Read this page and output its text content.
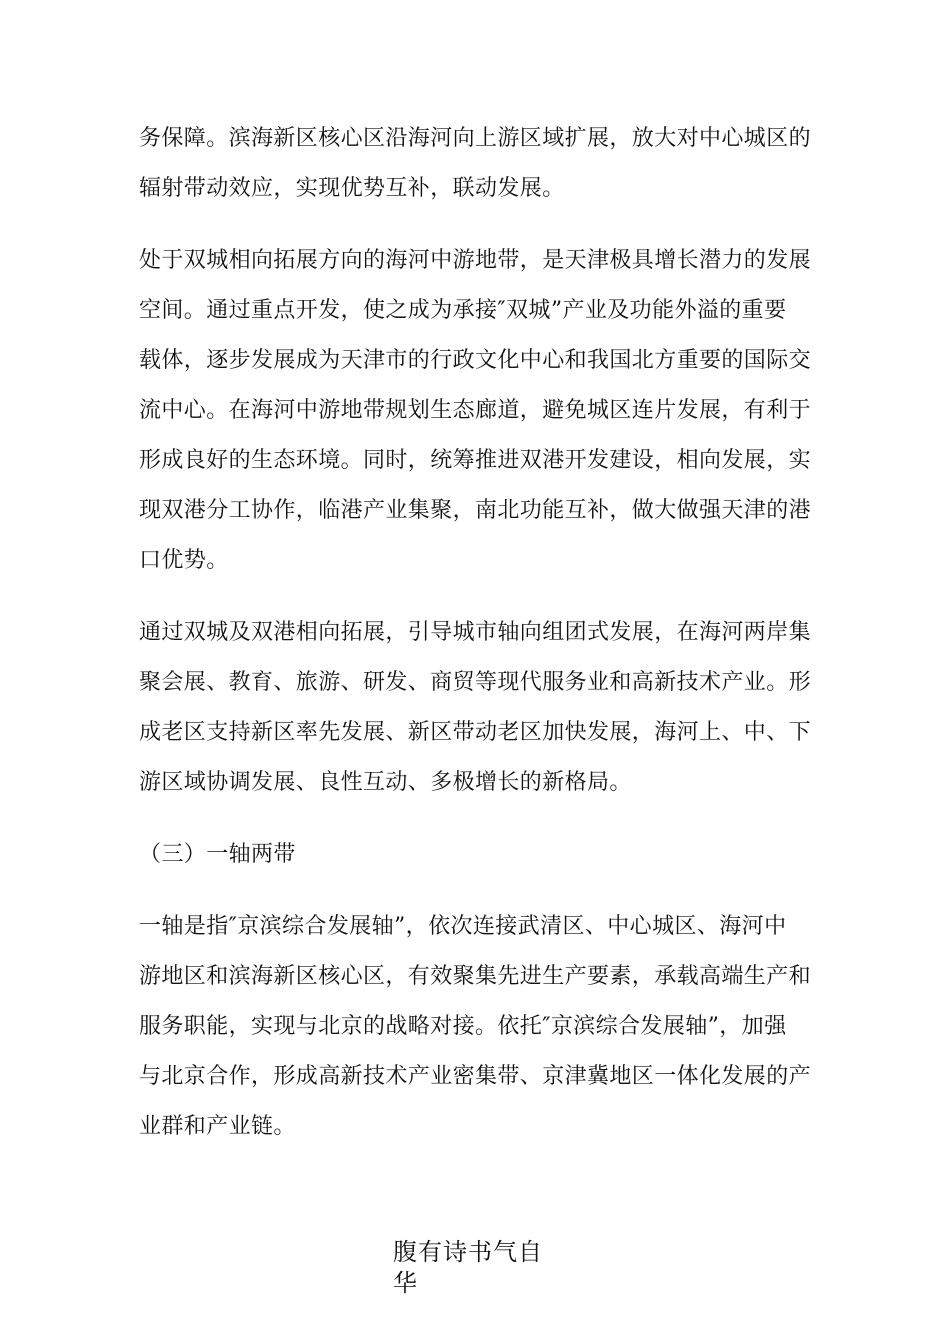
务保障。滨海新区核心区沿海河向上游区域扩展，放大对中心城区的
辐射带动效应，实现优势互补，联动发展。
处于双城相向拓展方向的海河中游地带，是天津极具增长潜力的发展
空间。通过重点开发，使之成为承接″双城”产业及功能外溢的重要
载体，逐步发展成为天津市的行政文化中心和我国北方重要的国际交
流中心。在海河中游地带规划生态廊道，避免城区连片发展，有利于
形成良好的生态环境。同时，统筹推进双港开发建设，相向发展，实
现双港分工协作，临港产业集聚，南北功能互补，做大做强天津的港
口优势。
通过双城及双港相向拓展，引导城市轴向组团式发展，在海河两岸集
聚会展、教育、旅游、研发、商贸等现代服务业和高新技术产业。形
成老区支持新区率先发展、新区带动老区加快发展，海河上、中、下
游区域协调发展、良性互动、多极增长的新格局。
（三）一轴两带
一轴是指″京滨综合发展轴”，依次连接武清区、中心城区、海河中
游地区和滨海新区核心区，有效聚集先进生产要素，承载高端生产和
服务职能，实现与北京的战略对接。依托″京滨综合发展轴”，加强
与北京合作，形成高新技术产业密集带、京津冀地区一体化发展的产
业群和产业链。
腹有诗书气自华
